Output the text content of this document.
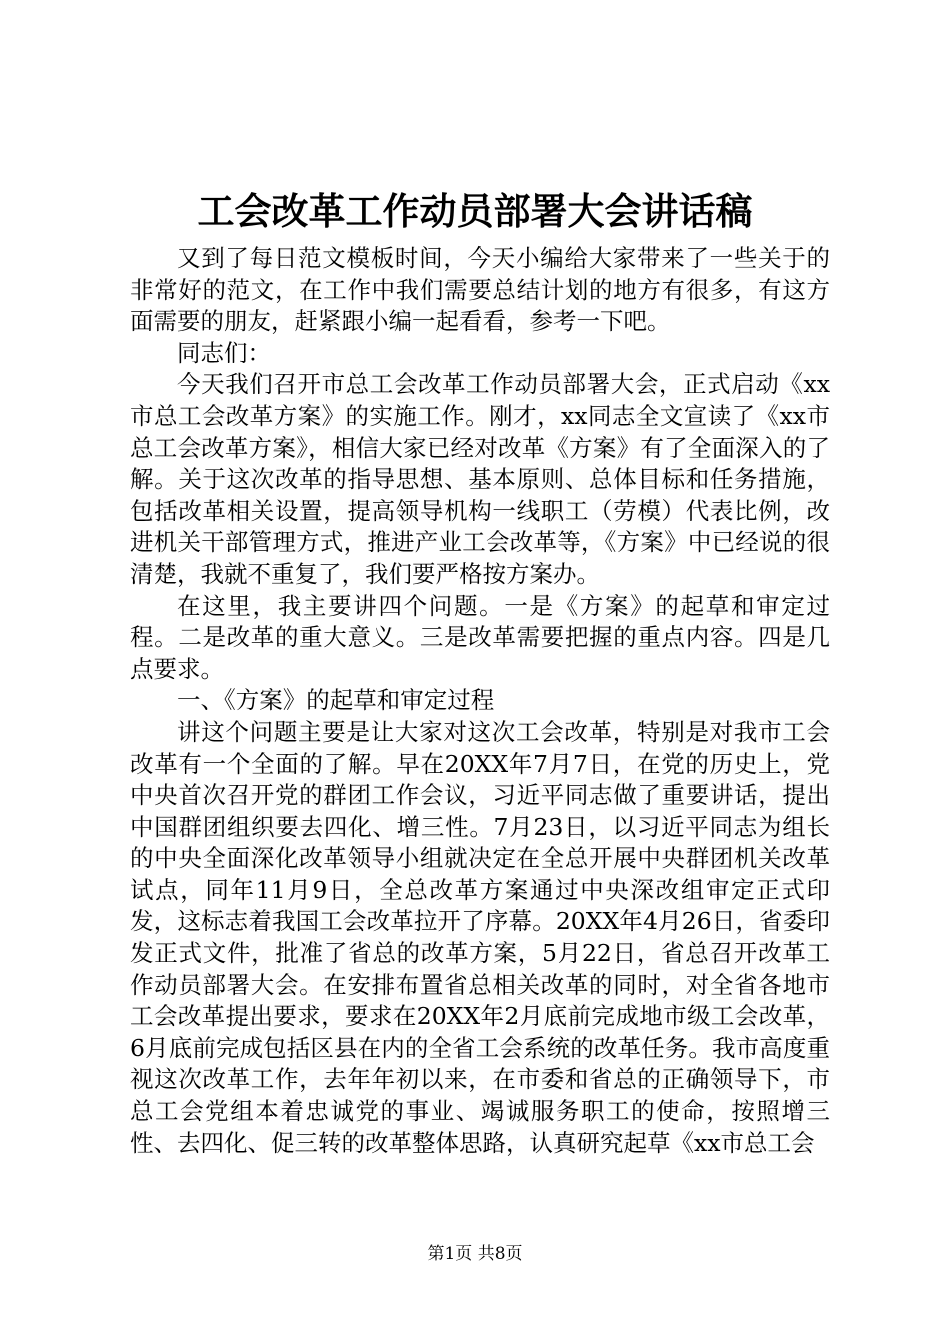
工会改革工作动员部署大会讲话稿

又到了每日范文模板时间，今天小编给大家带来了一些关于的非常好的范文，在工作中我们需要总结计划的地方有很多，有这方面需要的朋友，赶紧跟小编一起看看，参考一下吧。

同志们：

今天我们召开市总工会改革工作动员部署大会，正式启动《xx市总工会改革方案》的实施工作。刚才，xx同志全文宣读了《xx市总工会改革方案》，相信大家已经对改革《方案》有了全面深入的了解。关于这次改革的指导思想、基本原则、总体目标和任务措施，包括改革相关设置，提高领导机构一线职工（劳模）代表比例，改进机关干部管理方式，推进产业工会改革等，《方案》中已经说的很清楚，我就不重复了，我们要严格按方案办。

在这里，我主要讲四个问题。一是《方案》的起草和审定过程。二是改革的重大意义。三是改革需要把握的重点内容。四是几点要求。

一、《方案》的起草和审定过程

讲这个问题主要是让大家对这次工会改革，特别是对我市工会改革有一个全面的了解。早在20XX年7月7日，在党的历史上，党中央首次召开党的群团工作会议，习近平同志做了重要讲话，提出中国群团组织要去四化、增三性。7月23日，以习近平同志为组长的中央全面深化改革领导小组就决定在全总开展中央群团机关改革试点，同年11月9日，全总改革方案通过中央深改组审定正式印发，这标志着我国工会改革拉开了序幕。20XX年4月26日，省委印发正式文件，批准了省总的改革方案，5月22日，省总召开改革工作动员部署大会。在安排布置省总相关改革的同时，对全省各地市工会改革提出要求，要求在20XX年2月底前完成地市级工会改革，6月底前完成包括区县在内的全省工会系统的改革任务。我市高度重视这次改革工作，去年年初以来，在市委和省总的正确领导下，市总工会党组本着忠诚党的事业、竭诚服务职工的使命，按照增三性、去四化、促三转的改革整体思路，认真研究起草《xx市总工会

第1页 共8页
